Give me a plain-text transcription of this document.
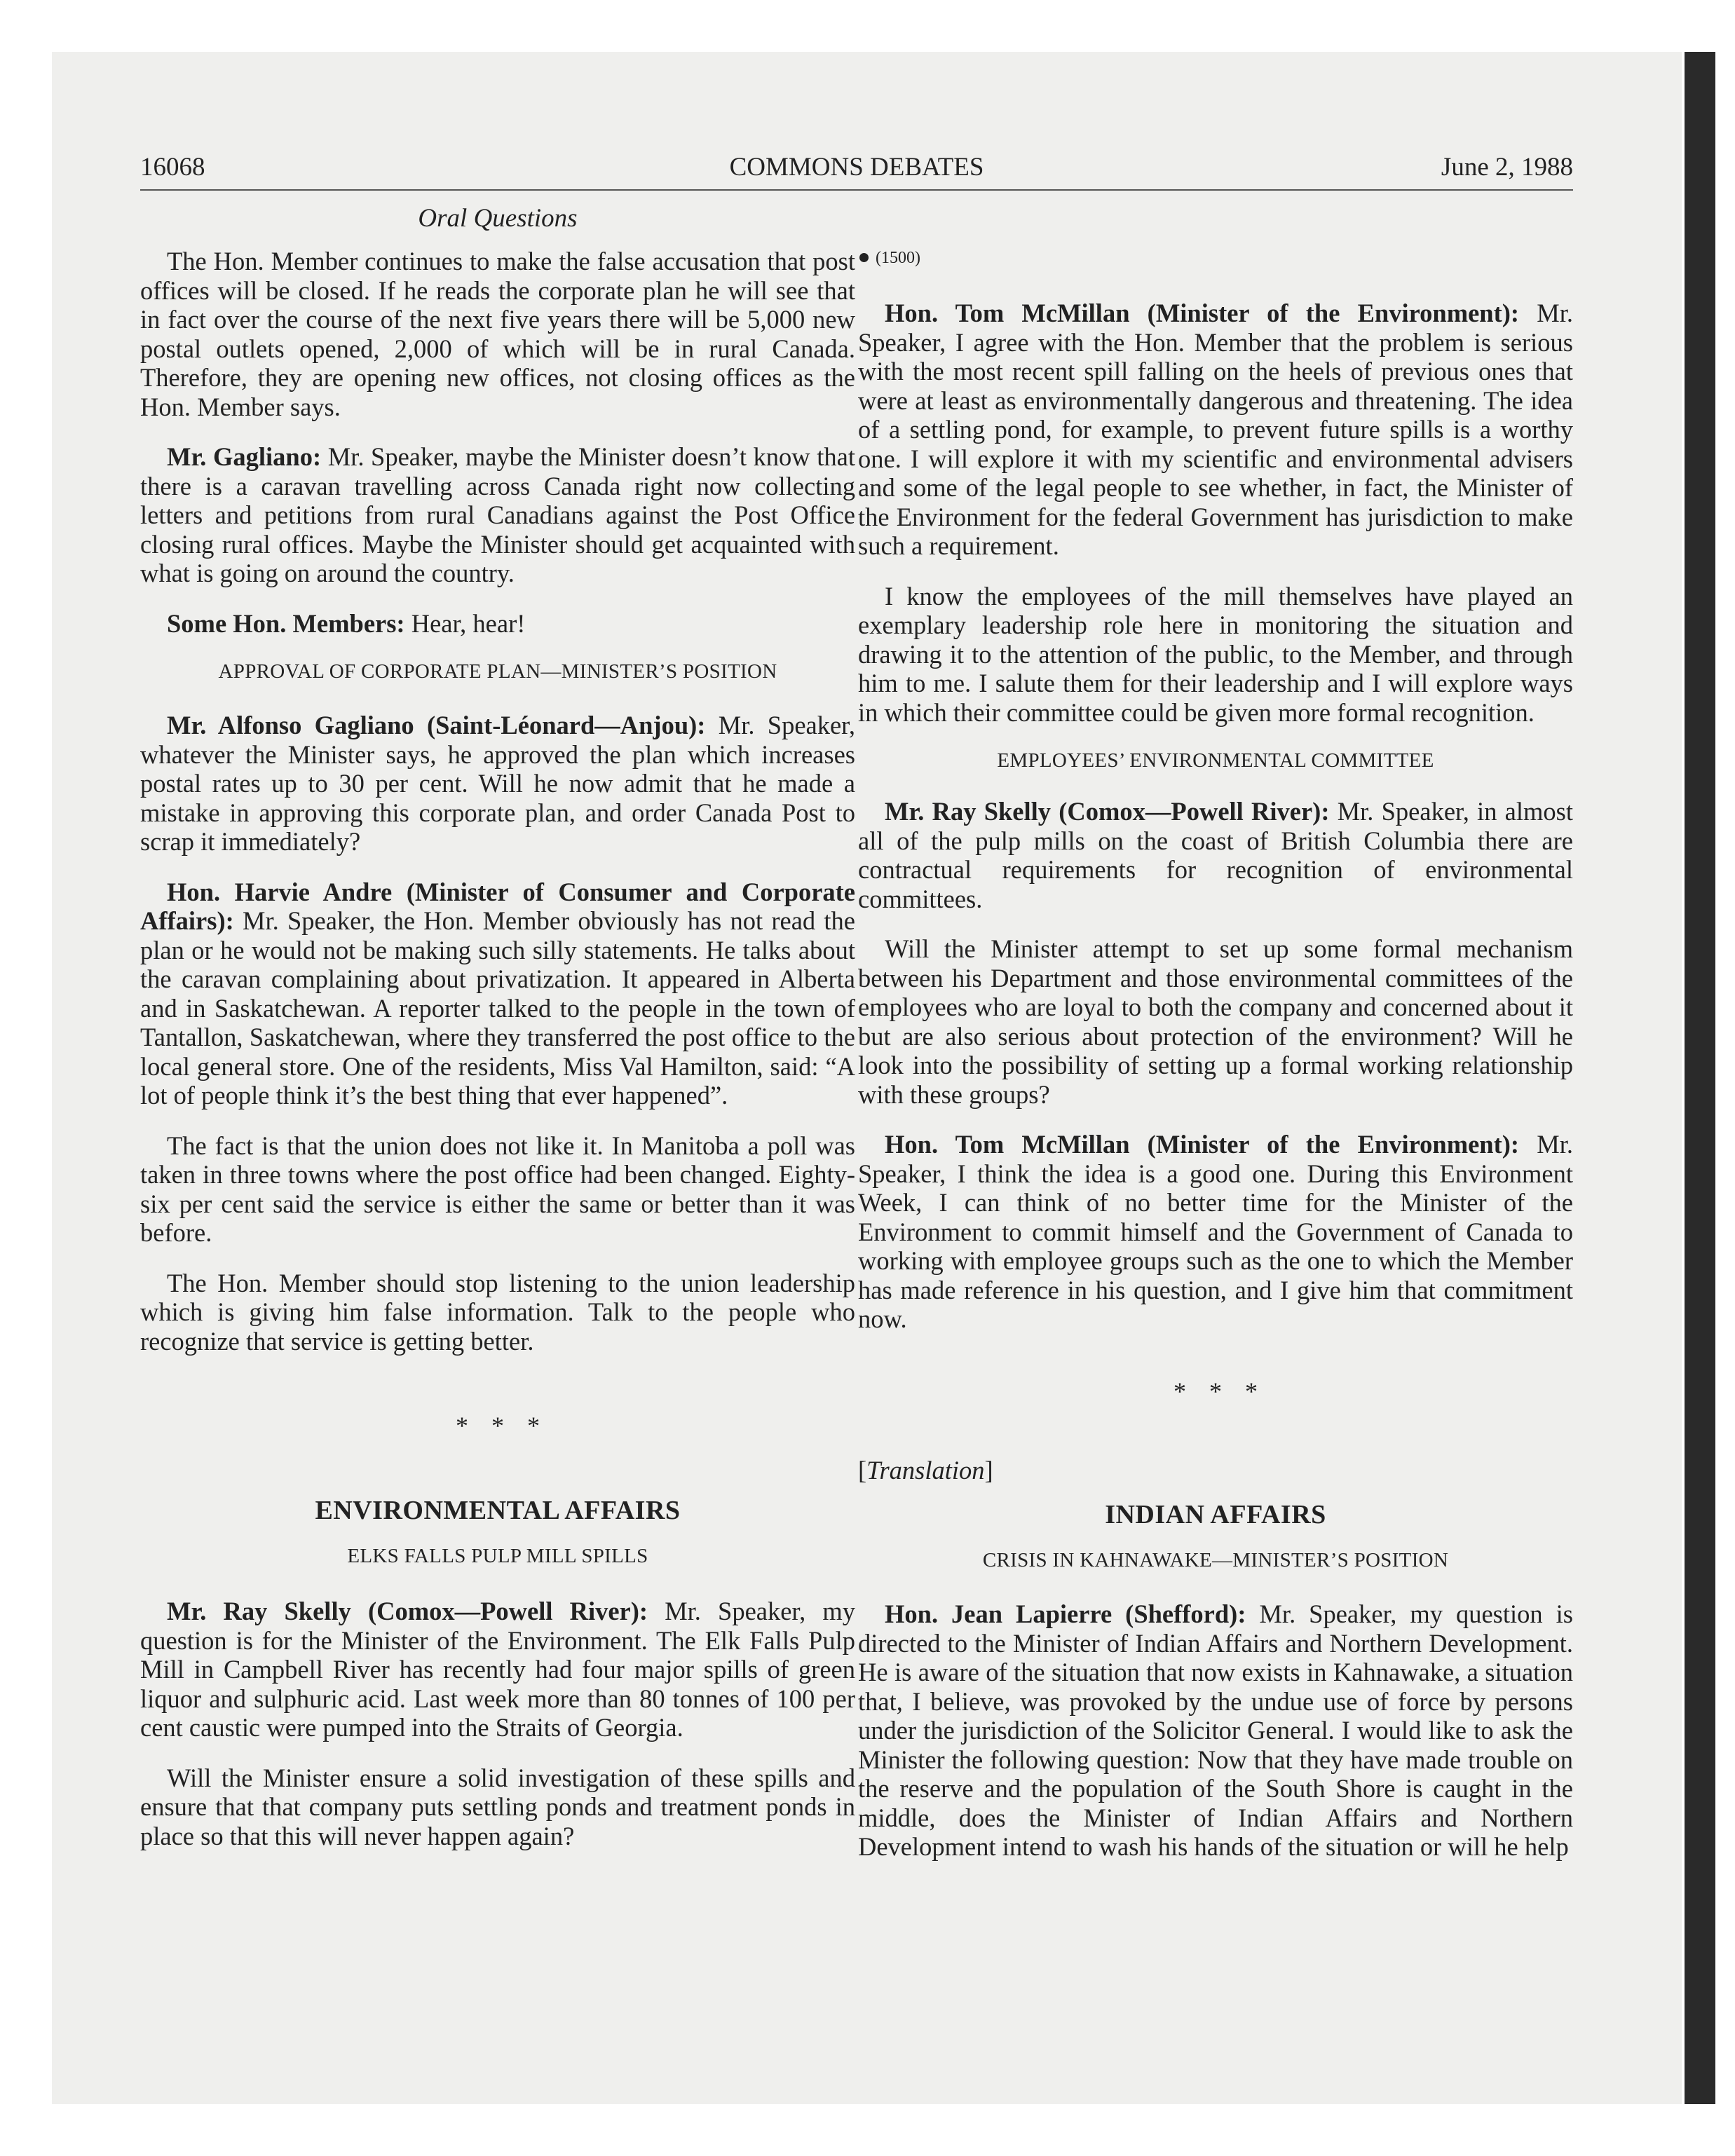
16068	COMMONS DEBATES	June 2, 1988
Oral Questions

The Hon. Member continues to make the false accusation that post offices will be closed. If he reads the corporate plan he will see that in fact over the course of the next five years there will be 5,000 new postal outlets opened, 2,000 of which will be in rural Canada. Therefore, they are opening new offices, not closing offices as the Hon. Member says.

Mr. Gagliano: Mr. Speaker, maybe the Minister doesn’t know that there is a caravan travelling across Canada right now collecting letters and petitions from rural Canadians against the Post Office closing rural offices. Maybe the Minister should get acquainted with what is going on around the country.

Some Hon. Members: Hear, hear!

APPROVAL OF CORPORATE PLAN—MINISTER’S POSITION

Mr. Alfonso Gagliano (Saint-Léonard—Anjou): Mr. Speaker, whatever the Minister says, he approved the plan which increases postal rates up to 30 per cent. Will he now admit that he made a mistake in approving this corporate plan, and order Canada Post to scrap it immediately?

Hon. Harvie Andre (Minister of Consumer and Corporate Affairs): Mr. Speaker, the Hon. Member obviously has not read the plan or he would not be making such silly statements. He talks about the caravan complaining about privatization. It appeared in Alberta and in Saskatchewan. A reporter talked to the people in the town of Tantallon, Saskatchewan, where they transferred the post office to the local general store. One of the residents, Miss Val Hamilton, said: “A lot of people think it’s the best thing that ever happened”.

The fact is that the union does not like it. In Manitoba a poll was taken in three towns where the post office had been changed. Eighty-six per cent said the service is either the same or better than it was before.

The Hon. Member should stop listening to the union leadership which is giving him false information. Talk to the people who recognize that service is getting better.

* * *

ENVIRONMENTAL AFFAIRS

ELKS FALLS PULP MILL SPILLS

Mr. Ray Skelly (Comox—Powell River): Mr. Speaker, my question is for the Minister of the Environment. The Elk Falls Pulp Mill in Campbell River has recently had four major spills of green liquor and sulphuric acid. Last week more than 80 tonnes of 100 per cent caustic were pumped into the Straits of Georgia.

Will the Minister ensure a solid investigation of these spills and ensure that that company puts settling ponds and treatment ponds in place so that this will never happen again?

(1500)

Hon. Tom McMillan (Minister of the Environment): Mr. Speaker, I agree with the Hon. Member that the problem is serious with the most recent spill falling on the heels of previous ones that were at least as environmentally dangerous and threatening. The idea of a settling pond, for example, to prevent future spills is a worthy one. I will explore it with my scientific and environmental advisers and some of the legal people to see whether, in fact, the Minister of the Environment for the federal Government has jurisdiction to make such a requirement.

I know the employees of the mill themselves have played an exemplary leadership role here in monitoring the situation and drawing it to the attention of the public, to the Member, and through him to me. I salute them for their leadership and I will explore ways in which their committee could be given more formal recognition.

EMPLOYEES’ ENVIRONMENTAL COMMITTEE

Mr. Ray Skelly (Comox—Powell River): Mr. Speaker, in almost all of the pulp mills on the coast of British Columbia there are contractual requirements for recognition of environmental committees.

Will the Minister attempt to set up some formal mechanism between his Department and those environmental committees of the employees who are loyal to both the company and concerned about it but are also serious about protection of the environment? Will he look into the possibility of setting up a formal working relationship with these groups?

Hon. Tom McMillan (Minister of the Environment): Mr. Speaker, I think the idea is a good one. During this Environment Week, I can think of no better time for the Minister of the Environment to commit himself and the Government of Canada to working with employee groups such as the one to which the Member has made reference in his question, and I give him that commitment now.

* * *

[Translation]

INDIAN AFFAIRS

CRISIS IN KAHNAWAKE—MINISTER’S POSITION

Hon. Jean Lapierre (Shefford): Mr. Speaker, my question is directed to the Minister of Indian Affairs and Northern Development. He is aware of the situation that now exists in Kahnawake, a situation that, I believe, was provoked by the undue use of force by persons under the jurisdiction of the Solicitor General. I would like to ask the Minister the following question: Now that they have made trouble on the reserve and the population of the South Shore is caught in the middle, does the Minister of Indian Affairs and Northern Development intend to wash his hands of the situation or will he help
